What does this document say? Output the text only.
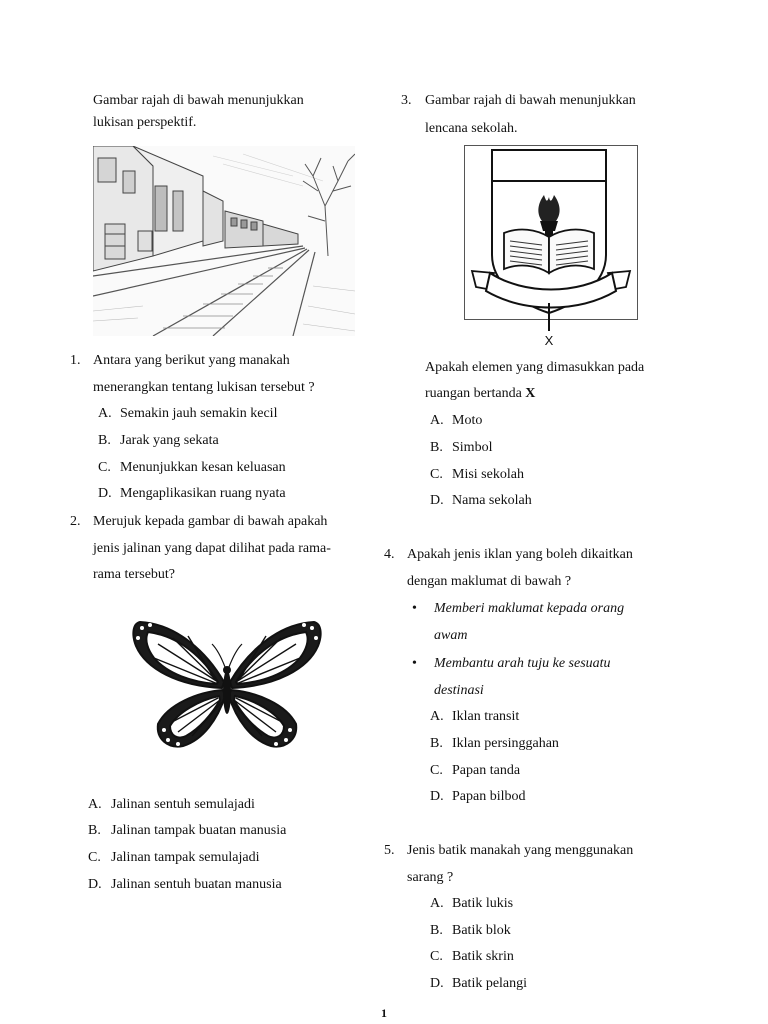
Gambar rajah di bawah menunjukkan
lukisan perspektif.
1. Antara yang berikut yang manakah
menerangkan tentang lukisan tersebut ?
A. Semakin jauh semakin kecil
B. Jarak yang sekata
C. Menunjukkan kesan keluasan
D. Mengaplikasikan ruang nyata
2. Merujuk kepada gambar di bawah apakah
jenis jalinan yang dapat dilihat pada rama-
rama tersebut?
A. Jalinan sentuh semulajadi
B. Jalinan tampak buatan manusia
C. Jalinan tampak semulajadi
D. Jalinan sentuh buatan manusia
3. Gambar rajah di bawah menunjukkan
lencana sekolah.
X
Apakah elemen yang dimasukkan pada
ruangan bertanda X
A. Moto
B. Simbol
C. Misi sekolah
D. Nama sekolah
4. Apakah jenis iklan yang boleh dikaitkan
dengan maklumat di bawah ?
• Memberi maklumat kepada orang
awam
• Membantu arah tuju ke sesuatu
destinasi
A. Iklan transit
B. Iklan persinggahan
C. Papan tanda
D. Papan bilbod
5. Jenis batik manakah yang menggunakan
sarang ?
A. Batik lukis
B. Batik blok
C. Batik skrin
D. Batik pelangi
1
